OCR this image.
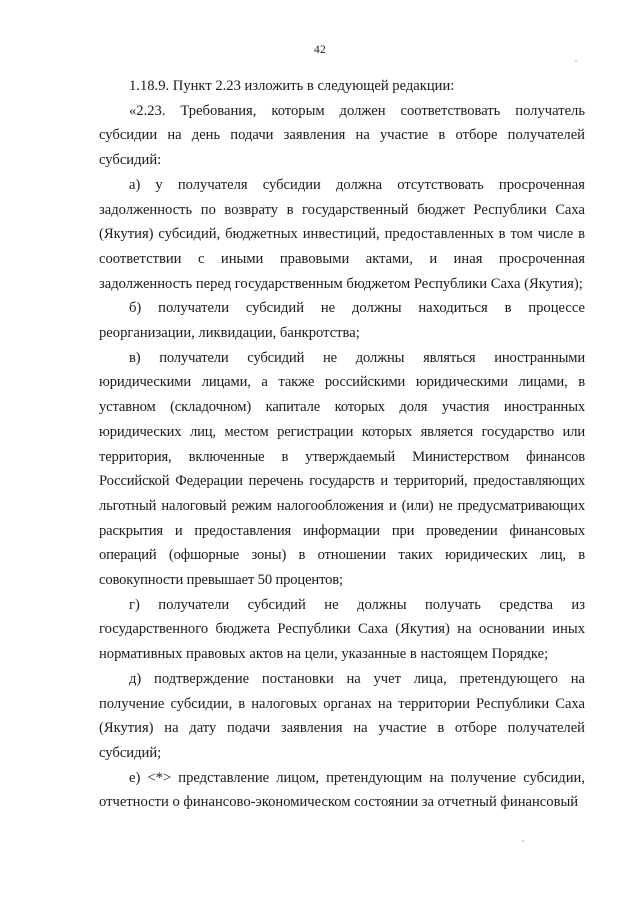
42

1.18.9. Пункт 2.23 изложить в следующей редакции:

«2.23. Требования, которым должен соответствовать получатель субсидии на день подачи заявления на участие в отборе получателей субсидий:

а) у получателя субсидии должна отсутствовать просроченная задолженность по возврату в государственный бюджет Республики Саха (Якутия) субсидий, бюджетных инвестиций, предоставленных в том числе в соответствии с иными правовыми актами, и иная просроченная задолженность перед государственным бюджетом Республики Саха (Якутия);

б) получатели субсидий не должны находиться в процессе реорганизации, ликвидации, банкротства;

в) получатели субсидий не должны являться иностранными юридическими лицами, а также российскими юридическими лицами, в уставном (складочном) капитале которых доля участия иностранных юридических лиц, местом регистрации которых является государство или территория, включенные в утверждаемый Министерством финансов Российской Федерации перечень государств и территорий, предоставляющих льготный налоговый режим налогообложения и (или) не предусматривающих раскрытия и предоставления информации при проведении финансовых операций (офшорные зоны) в отношении таких юридических лиц, в совокупности превышает 50 процентов;

г) получатели субсидий не должны получать средства из государственного бюджета Республики Саха (Якутия) на основании иных нормативных правовых актов на цели, указанные в настоящем Порядке;

д) подтверждение постановки на учет лица, претендующего на получение субсидии, в налоговых органах на территории Республики Саха (Якутия) на дату подачи заявления на участие в отборе получателей субсидий;

е) <*> представление лицом, претендующим на получение субсидии, отчетности о финансово-экономическом состоянии за отчетный финансовый
